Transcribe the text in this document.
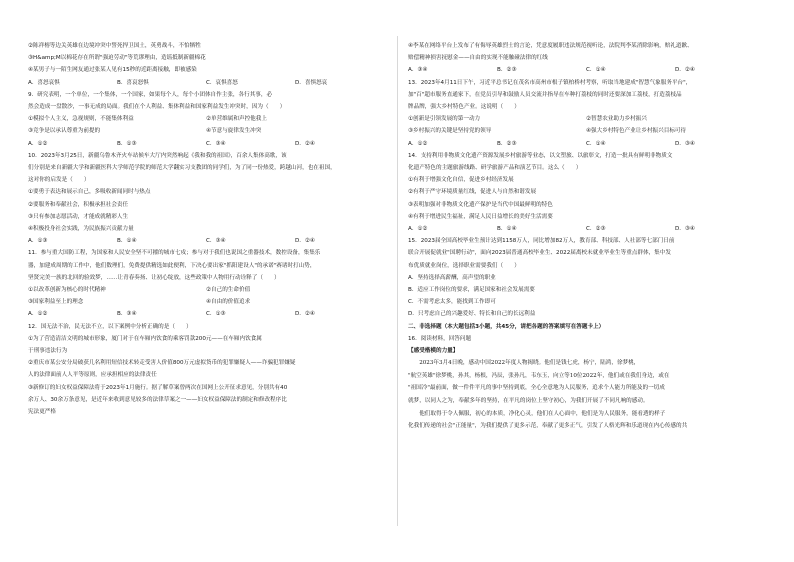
②陈祥榕等边关英雄在边境冲突中誓死捍卫国土，英勇战斗，不怕牺牲
③H&amp;M以棉花存在所谓"强迫劳动"等荒谬理由，造谣抵制新疆棉花
④某男子与一陌生网友通过张某人见有15秒的近距离接触，即被感染
A．喜怒哀惧	B．喜哀怒惧	C．哀惧喜怒	D．喜惧怒哀
9．研究表明，一个单位，一个集体，一个国家，如果每个人，每个小团体自作主张，各行其事，必
然会造成一盘散沙，一事无成的局面。我们在个人利益、集体利益和国家利益发生冲突时，因为（　　）
①模拟个人主义，急视规则，不能集体利益	②单营维属和声控他我上
③竞争是以承认尊重为前提的	④节意与旋律发生冲突
A．①②	B．①③	C．③④	D．②④
10．2023年3月25日，新疆乌鲁木齐火车站候车大厅内突然响起《我和我的祖国》，百余人集体高歌，该
们分别是来自新疆大学和新疆医科大学师范学院的师范大学翻实习支教团的同学们，为了同一份热爱，跨越山河，也在祖国，
这对你的启发是（　　）
①要勇于表达和展示自己，多吸收新闻同时与热点
②要服务和奉献社会，积极承担社会责任
③只有参加志愿活动，才能成就精彩人生
④积极投身社会实践，为民族振兴贡献力量
A．①③	B．①④	C．③④	D．②④
11．参与重大国防工程，为国家和人民安全坚不可摧的城市七戍；参与对于我们也说国之重器技术，数控设备，集集乐
器，加建成周期的工作中，他们数理们，免费提供精选如此便利，下决心要出家"抓阳建设人"的承诺"赛诸时打山势，
坚贤完美一族的北回的验效梦，……让青春奏扬、让初心绽放，这些政策中人物用行动诠释了（　　）
①以改革创新为核心的时代精神	②自己的生命价值
③国家利益至上的理念	④自由的价值追求
A．①②	B．③④	C．①③	D．②④
12．国无法不治，民无法不立，以下案例中分析正确的是（　　）
①为了营造清洁文明的城市形象，厦门对于在车厢内饮食的乘客罚款200元——在车厢内饮食属
于刑事违法行为
②重庆市某公安分局破获几名利用短信技术转走受害人价值800万元虚拟货币的犯罪嫌疑人——诈骗犯罪嫌疑
人的法律面前人人平等原则，应承担相应的法律责任
③新修订的妇女权益保障法将于2023年1月施行。据了解草案曾两次在国网上公开征求意见，分别共有40
余万人、30余万条意见，是近年来收到意见较多的法律草案之一——妇女权益保障法的制定和修改程序比
宪法更严格
④李某在网络平台上发布了有侮辱英雄烈士的言论，凭意度履职违法规范视听论，法院判李某消除影响，赔礼道歉、
赔偿精神损害抚慰金——自由的实现不能触碰法律的红线
A．③④	B．②③	C．①④	D．②④
13．2023年4月11日下午，习近平总书记在茂名市高州市根子镇柏桥村考察，听取当地建成"智慧气象服务平台"，
加"百"超市服务直通家下，在党员引导和鼓励人员交流并指导在车种打荔枝的同时还要深加工荔枝，打造荔枝品
牌品牌，强大乡村特色产业。这说明（　　）
①创新是引领发展的第一动力	②智慧农业助力乡村振兴
③乡村振兴的关键是坚持党的领导	④强大乡村特色产业让乡村振兴目标可待
A．①②	B．②③	C．①④	D．③④
14．支持利用非物质文化遗产资源发展乡村旅游等业态，以文塑旅、以旅彰文，打造一批具有鲜明非物质文
化遗产特色的主题旅游线路、研学旅游产品和演艺节目。这么（　　）
①有利于增强文化自信，促进乡村经济发展
②有利于严守环境质量红线，促进人与自然和谐发展
③表明加强对非物质文化遗产保护是当代中国最鲜明的特色
④有利于增进民生福祉，满足人民日益增长的美好生活需要
A．①②	B．①④	C．②③	D．③④
15．2023届全国高校毕业生预计达到1158万人，同比增加82万人，教育部、科技部、人社部等七部门日前
联合开展促就业"国聘行动"，面向2023届普通高校毕业生、2022届离校未就业毕业生等重点群体，集中发
布优质就业岗位，选择职业需要我们（　　）
A．坚持选择高薪酬，高声望的职业
B．适应工作岗位的要求，满足国家和社会发展需要
C．不需考虑太多，能找到工作即可
D．只考虑自己的兴趣爱好、特长和自己的长远利益
二、非选择题（本大题包括3小题，共45分，请把各题的答案填写在答题卡上）
16．阅读材料，回答问题
【感受楷模的力量】
　　2023年3月4日晚，感动中国2022年度人物揭晓。他们是钱七虎，杨宁，陆鸿，徐梦桃，
"航空英雄"徐梦桃，孙其，杨根，冯辰，张孙凡，韦东玉，向立等10位2022年，他们或在我们身边，或在
"祖国冷"最前面，做一件件平凡的事中坚持到底，全心全意地为人民服务，追求个人能力所能及的一切成
就梦，以同人之为，奉献多年的坚持，在平凡的岗位上坚守初心，为我们开展了不同凡响的感动。
　　他们取得于令人佩服，初心的本质，净化心灵，他们在人心面中，他们是为人民服务，能看透的样子
化我们传递的社会"正能量"，为我们提供了更多示范，奉献了更多正气，引发了人格光辉和乐道现在内心传感的共
